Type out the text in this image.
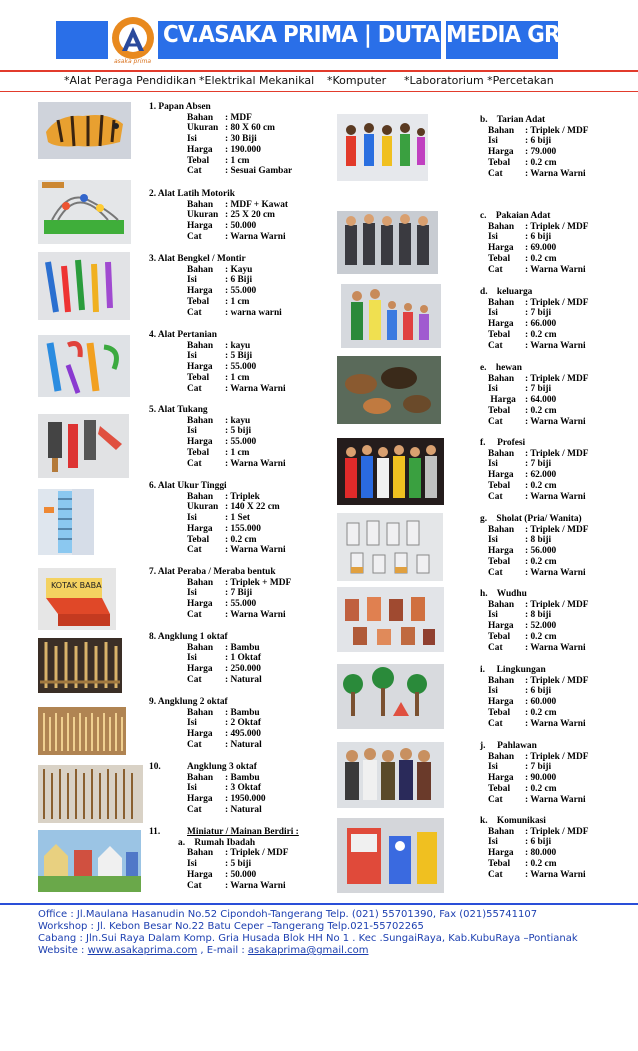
asaka prima
CV.ASAKA PRIMA | DUTA MEDIA GROUP
*Alat Peraga Pendidikan *Elektrikal Mekanikal *Komputer *Laboratorium *Percetakan
KOTAK BABA
1. Papan Absen
Bahan	: MDF
Ukuran	: 80 X 60 cm
Isi	: 30 Biji
Harga	: 190.000
Tebal	: 1 cm
Cat	: Sesuai Gambar
2. Alat Latih Motorik
Bahan	: MDF + Kawat
Ukuran	: 25 X 20 cm
Harga	: 50.000
Cat	: Warna Warni
3. Alat Bengkel / Montir
Bahan	: Kayu
Isi	: 6 Biji
Harga	: 55.000
Tebal	: 1 cm
Cat	: warna warni
4. Alat Pertanian
Bahan	: kayu
Isi	: 5 Biji
Harga	: 55.000
Tebal	: 1 cm
Cat	: Warna Warni
5. Alat Tukang
Bahan	: kayu
Isi	: 5 biji
Harga	: 55.000
Tebal	: 1 cm
Cat	: Warna Warni
6. Alat Ukur Tinggi
Bahan	: Triplek
Ukuran	: 140 X 22 cm
Isi	: 1 Set
Harga	: 155.000
Tebal	: 0.2 cm
Cat	: Warna Warni
7. Alat Peraba / Meraba bentuk
Bahan	: Triplek + MDF
Isi	: 7 Biji
Harga	: 55.000
Cat	: Warna Warni
8. Angklung 1 oktaf
Bahan	: Bambu
Isi	: 1 Oktaf
Harga	: 250.000
Cat	: Natural
9. Angklung 2 oktaf
Bahan	: Bambu
Isi	: 2 Oktaf
Harga	: 495.000
Cat	: Natural
10.	Angklung 3 oktaf
Bahan	: Bambu
Isi	: 3 Oktaf
Harga	: 1950.000
Cat	: Natural
11.	Miniatur / Mainan Berdiri :
a.    Rumah Ibadah
Bahan	: Triplek / MDF
Isi	: 5 biji
Harga	: 50.000
Cat	: Warna Warni
b.    Tarian Adat
Bahan	: Triplek / MDF
Isi	: 6 biji
Harga	: 79.000
Tebal	: 0.2 cm
Cat	: Warna Warni
c.    Pakaian Adat
Bahan	: Triplek / MDF
Isi	: 6 biji
Harga	: 69.000
Tebal	: 0.2 cm
Cat	: Warna Warni
d.    keluarga
Bahan	: Triplek / MDF
Isi	: 7 biji
Harga	: 66.000
Tebal	: 0.2 cm
Cat	: Warna Warni
e.    hewan
Bahan	: Triplek / MDF
Isi	: 7 biji
Harga	: 64.000
Tebal	: 0.2 cm
Cat	: Warna Warni
f.     Profesi
Bahan	: Triplek / MDF
Isi	: 7 biji
Harga	: 62.000
Tebal	: 0.2 cm
Cat	: Warna Warni
g.    Sholat (Pria/ Wanita)
Bahan	: Triplek / MDF
Isi	: 8 biji
Harga	: 56.000
Tebal	: 0.2 cm
Cat	: Warna Warni
h.    Wudhu
Bahan	: Triplek / MDF
Isi	: 8 biji
Harga	: 52.000
Tebal	: 0.2 cm
Cat	: Warna Warni
i.     Lingkungan
Bahan	: Triplek / MDF
Isi	: 6 biji
Harga	: 60.000
Tebal	: 0.2 cm
Cat	: Warna Warni
j.     Pahlawan
Bahan	: Triplek / MDF
Isi	: 7 biji
Harga	: 90.000
Tebal	: 0.2 cm
Cat	: Warna Warni
k.    Komunikasi
Bahan	: Triplek / MDF
Isi	: 6 biji
Harga	: 80.000
Tebal	: 0.2 cm
Cat	: Warna Warni
Office : Jl.Maulana Hasanudin No.52 Cipondoh-Tangerang Telp. (021) 55701390, Fax (021)55741107
Workshop : Jl. Kebon Besar No.22 Batu Ceper –Tangerang Telp.021-55702265
Cabang : Jln.Sui Raya Dalam Komp. Gria Husada Blok HH No 1 . Kec .SungaiRaya, Kab.KubuRaya –Pontianak
Website : www.asakaprima.com , E-mail : asakaprima@gmail.com
